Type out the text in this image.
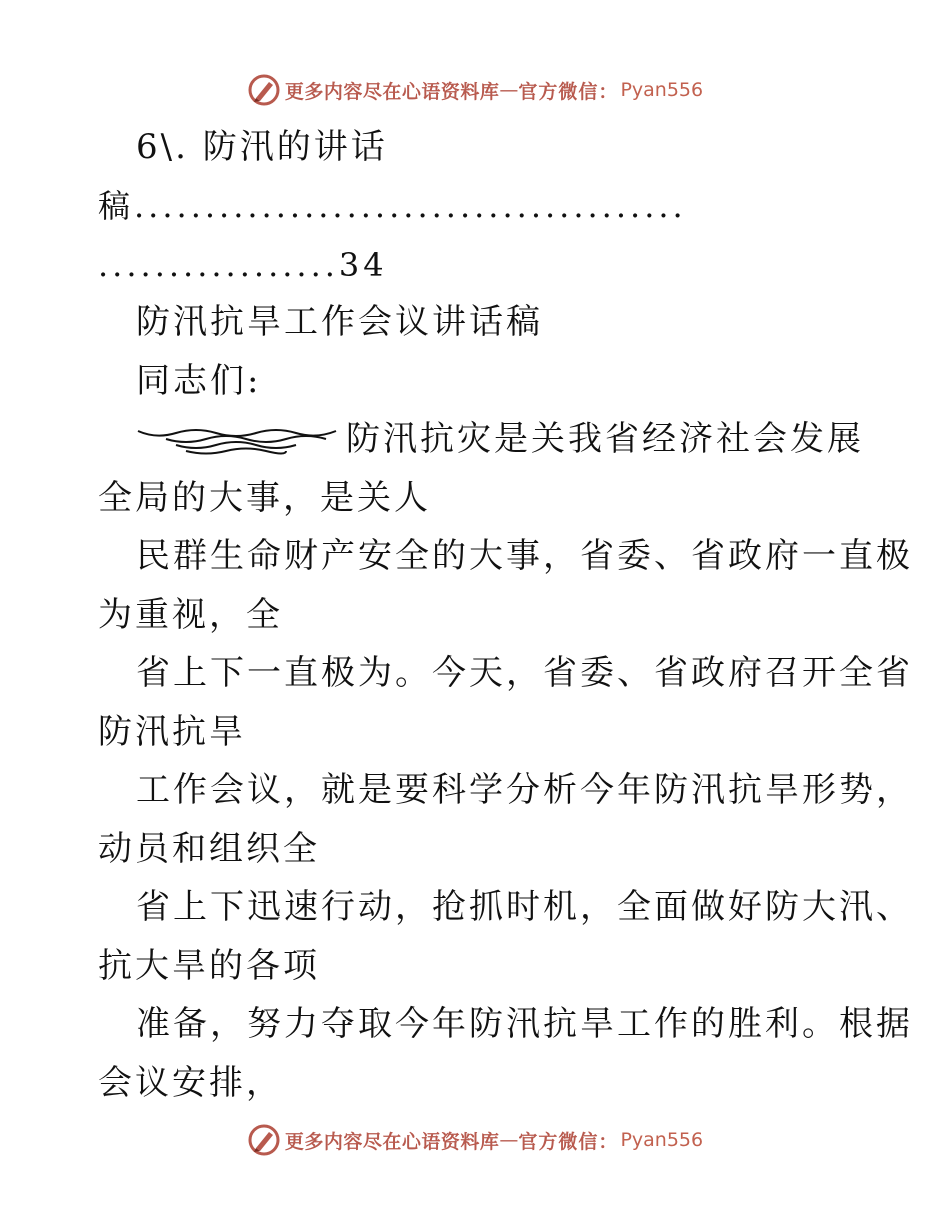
更多内容尽在心语资料库 — 官方微信： Pyan556
6\. 防汛的讲话
稿.......................................
.................34
防汛抗旱工作会议讲话稿
同志们:
防汛抗灾是关我省经济社会发展
全局的大事，是关人
民群生命财产安全的大事，省委、省政府一直极
为重视，全
省上下一直极为。今天，省委、省政府召开全省
防汛抗旱
工作会议，就是要科学分析今年防汛抗旱形势，
动员和组织全
省上下迅速行动，抢抓时机，全面做好防大汛、
抗大旱的各项
准备，努力夺取今年防汛抗旱工作的胜利。根据
会议安排，
更多内容尽在心语资料库 — 官方微信： Pyan556
